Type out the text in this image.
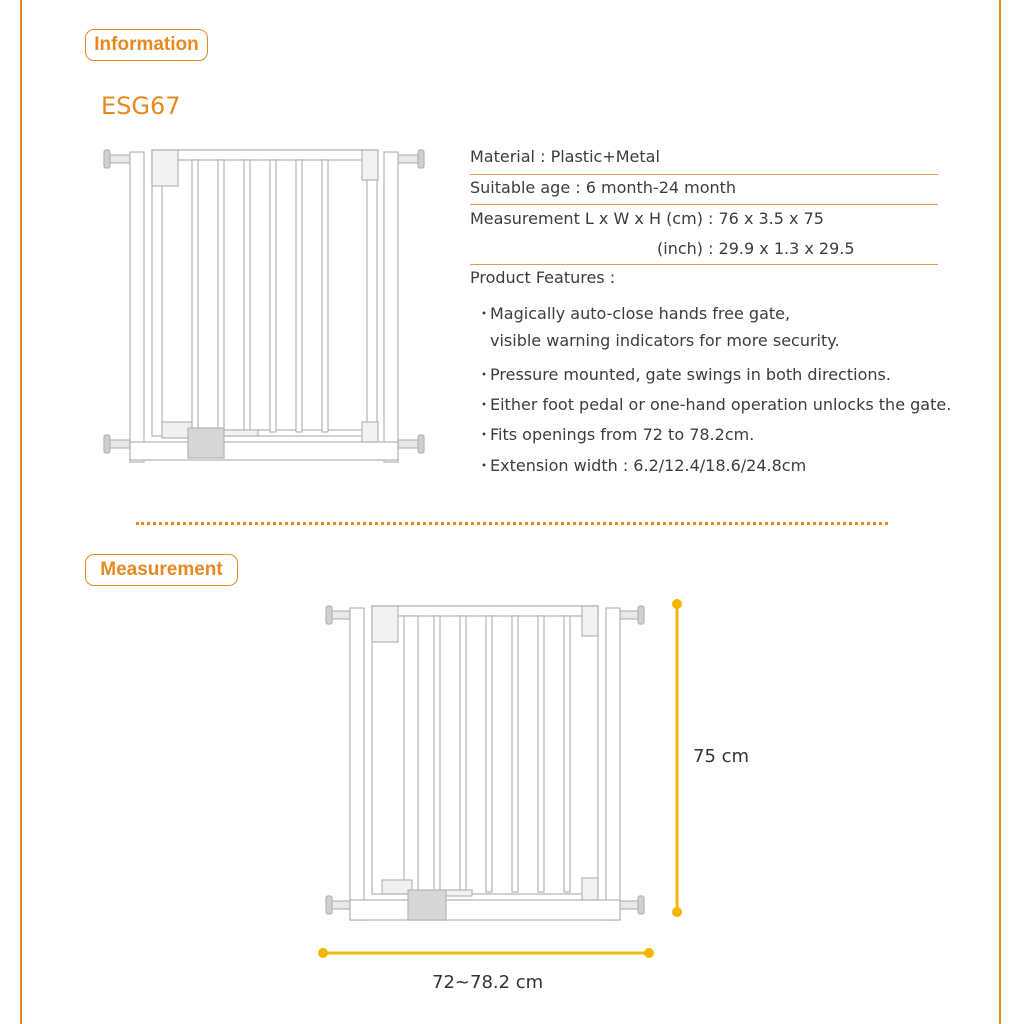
Information
ESG67
Material : Plastic+Metal
Suitable age : 6 month-24 month
Measurement L x W x H (cm) : 76 x 3.5 x 75
(inch) : 29.9 x 1.3 x 29.5
Product Features :
・Magically auto-close hands free gate,
visible warning indicators for more security.
・Pressure mounted, gate swings in both directions.
・Either foot pedal or one-hand operation unlocks the gate.
・Fits openings from 72 to 78.2cm.
・Extension width : 6.2/12.4/18.6/24.8cm
Measurement
75 cm
72~78.2 cm
